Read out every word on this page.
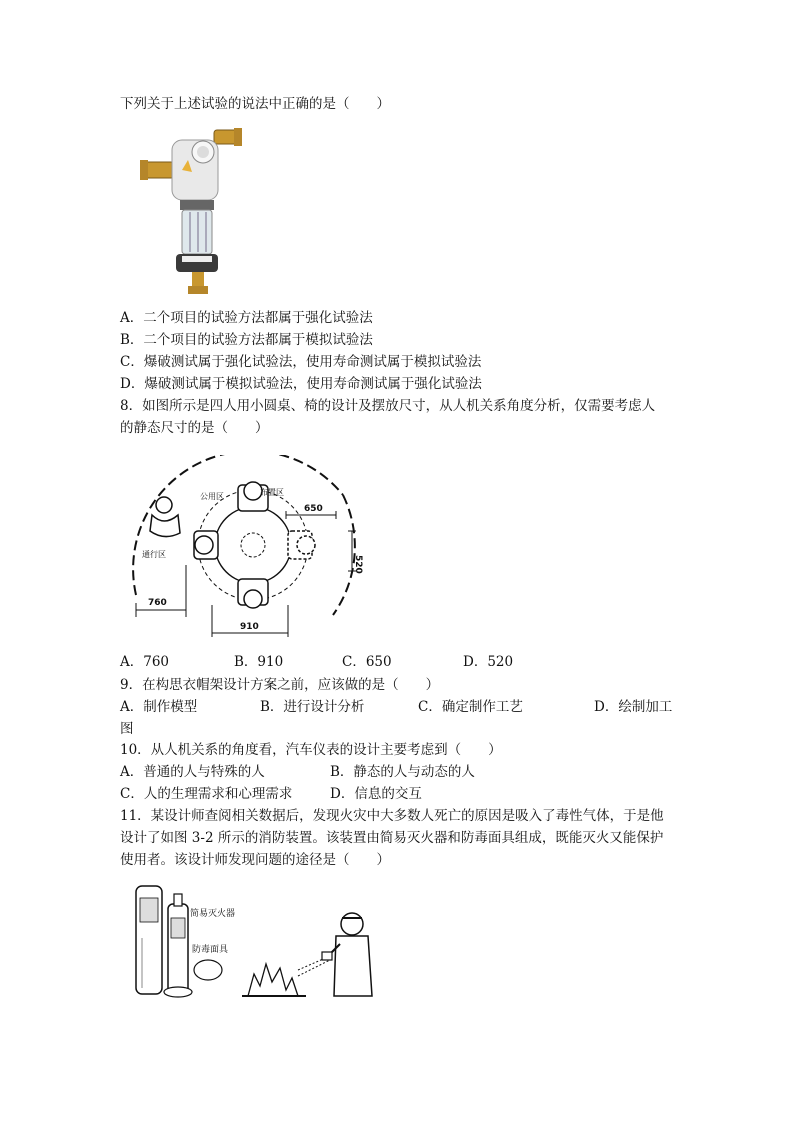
下列关于上述试验的说法中正确的是（　　）
A．二个项目的试验方法都属于强化试验法
B．二个项目的试验方法都属于模拟试验法
C．爆破测试属于强化试验法，使用寿命测试属于模拟试验法
D．爆破测试属于模拟试验法，使用寿命测试属于强化试验法
8．如图所示是四人用小圆桌、椅的设计及摆放尺寸，从人机关系角度分析，仅需要考虑人
的静态尺寸的是（　　）
公用区	布置区
通行区
650
520
760
910
A．760	B．910	C．650	D．520
9．在构思衣帽架设计方案之前，应该做的是（　　）
A．制作模型	B．进行设计分析	C．确定制作工艺	D．绘制加工
图
10．从人机关系的角度看，汽车仪表的设计主要考虑到（　　）
A．普通的人与特殊的人	B．静态的人与动态的人
C．人的生理需求和心理需求	D．信息的交互
11．某设计师查阅相关数据后，发现火灾中大多数人死亡的原因是吸入了毒性气体，于是他
设计了如图 3-2 所示的消防装置。该装置由简易灭火器和防毒面具组成，既能灭火又能保护
使用者。该设计师发现问题的途径是（　　）
简易灭火器
防毒面具
